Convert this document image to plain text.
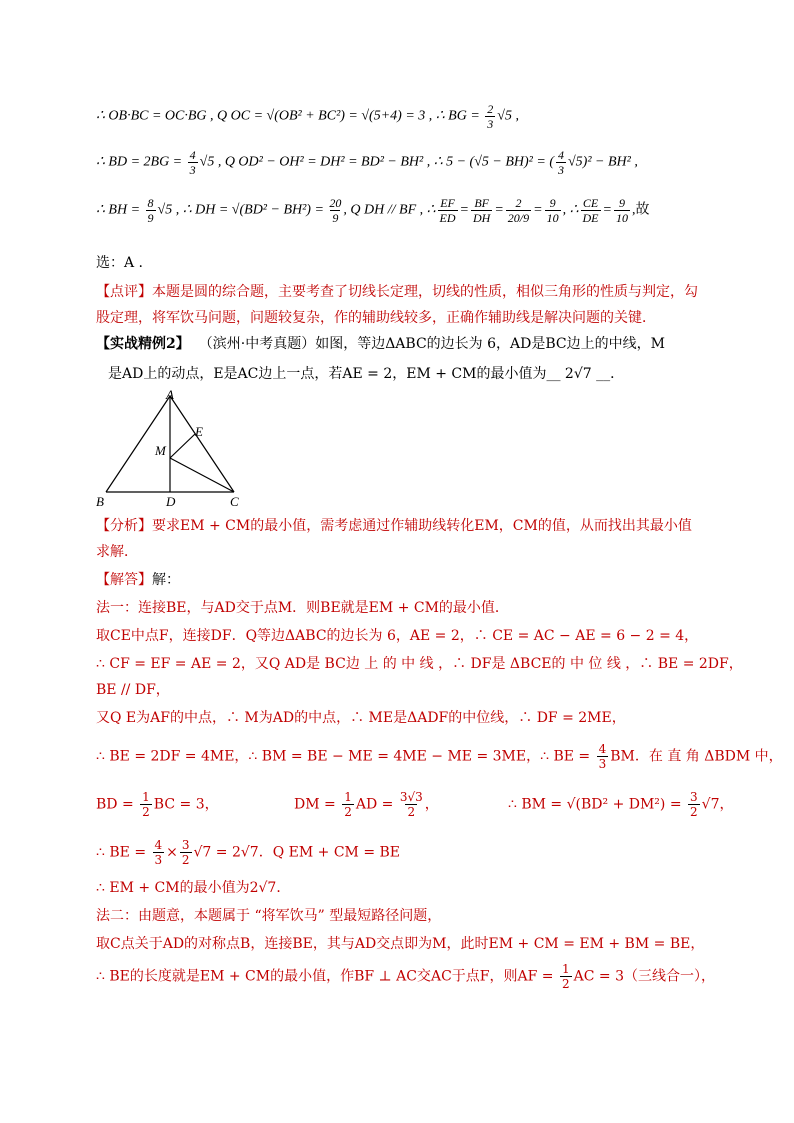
∴ OB·BC = OC·BG , Q OC = √(OB² + BC²) = √(5+4) = 3 , ∴ BG = $\frac{2}{3} √5$ ,
∴ BD = $2BG = \frac{4}{3} √5$ , Q OD² − OH² = DH² = BD² − BH² , ∴ 5 − (√5 − BH)² = ( $\frac{4}{3} √5)^2 - BH^2$ ,
∴ BH = $\frac{8}{9} √5$ , ∴ DH = $√(BD^2 - BH^2) = \frac{20}{9}$ , Q DH // BF , ∴ $\frac{EF}{ED} = \frac{BF}{DH} = \frac{2}{20/9} = \frac{9}{10}$ , ∴ $\frac{CE}{DE} = \frac{9}{10}$ ,故
选：A .
【点评】本题是圆的综合题，主要考查了切线长定理，切线的性质，相似三角形的性质与判定，勾
股定理，将军饮马问题，问题较复杂，作的辅助线较多，正确作辅助线是解决问题的关键．
【实战精例2】 （滨州·中考真题）如图，等边ΔABC的边长为 6，AD是BC边上的中线，M
是AD上的动点，E是AC边上一点，若AE = 2，EM + CM的最小值为__ 2√7 __．
A
B	C
D
E
M
【分析】要求EM + CM的最小值，需考虑通过作辅助线转化EM，CM的值，从而找出其最小值
求解．
【解答】解：
法一：连接BE，与AD交于点M．则BE就是EM + CM的最小值．
取CE中点F，连接DF．Q等边ΔABC的边长为 6，AE = 2，∴ CE = AC − AE = 6 − 2 = 4，
∴ CF = EF = AE = 2，又Q AD是 BC边 上 的 中 线 ，∴ DF是 ΔBCE的 中 位 线 ，∴ BE = 2DF，
BE // DF，
又Q E为AF的中点，∴ M为AD的中点，∴ ME是ΔADF的中位线，∴ DF = 2ME，
∴ BE = 2DF = 4ME，∴ BM = BE − ME = 4ME − ME = 3ME，∴ BE = $\frac{4}{3}$ BM．在 直 角 ΔBDM 中，
BD = $\frac{1}{2}$ BC = 3，	DM = $\frac{1}{2}$ AD = $\frac{3√3}{2}$ ，	∴ BM = $√(BD^2 + DM^2) = \frac{3}{2} √7$，
∴ BE = $\frac{4}{3} \times \frac{3}{2} √7 = 2√7$．Q EM + CM = BE
∴ EM + CM的最小值为2√7．
法二：由题意，本题属于 “将军饮马” 型最短路径问题，
取C点关于AD的对称点B，连接BE，其与AD交点即为M，此时EM + CM = EM + BM = BE，
∴ BE的长度就是EM + CM的最小值，作BF ⊥ AC交AC于点F，则AF = $\frac{1}{2}$ AC = 3（三线合一），
